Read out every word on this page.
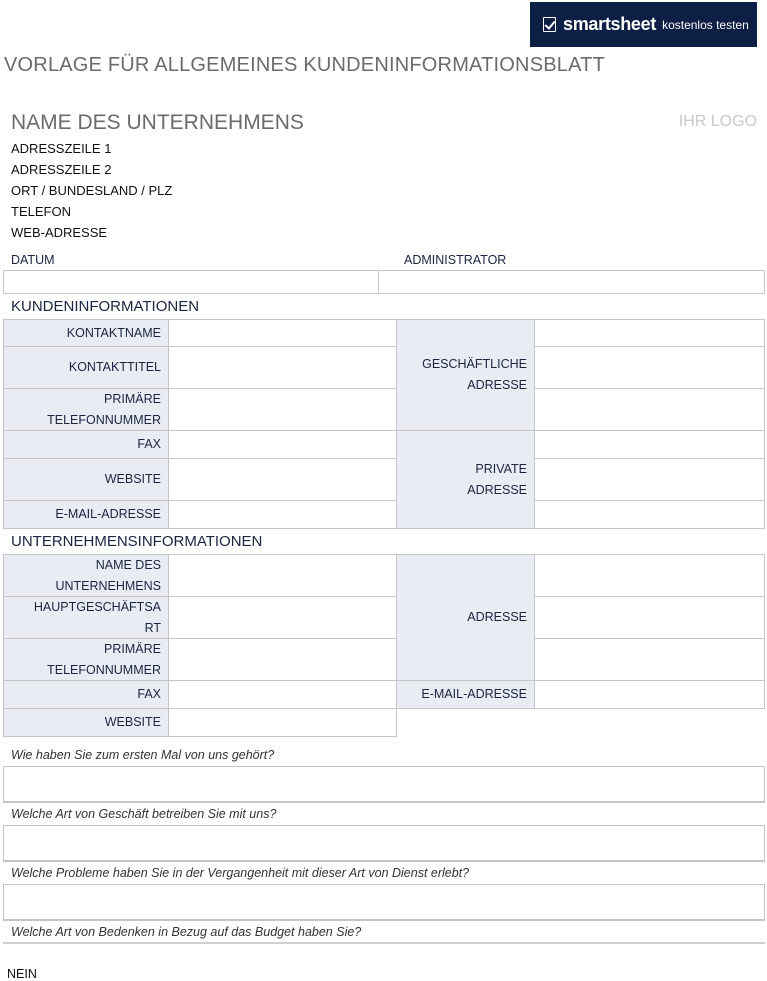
smartsheet kostenlos testen
VORLAGE FÜR ALLGEMEINES KUNDENINFORMATIONSBLATT
NAME DES UNTERNEHMENS	IHR LOGO
ADRESSZEILE 1
ADRESSZEILE 2
ORT / BUNDESLAND / PLZ
TELEFON
WEB-ADRESSE
DATUM	ADMINISTRATOR
KUNDENINFORMATIONEN
KONTAKTNAME
KONTAKTTITEL
PRIMÄRE
TELEFONNUMMER
FAX
WEBSITE
E-MAIL-ADRESSE
GESCHÄFTLICHE
ADRESSE
PRIVATE
ADRESSE
UNTERNEHMENSINFORMATIONEN
NAME DES
UNTERNEHMENS
HAUPTGESCHÄFTSA
RT
PRIMÄRE
TELEFONNUMMER
FAX
WEBSITE
ADRESSE
E-MAIL-ADRESSE
Wie haben Sie zum ersten Mal von uns gehört?
Welche Art von Geschäft betreiben Sie mit uns?
Welche Probleme haben Sie in der Vergangenheit mit dieser Art von Dienst erlebt?
Welche Art von Bedenken in Bezug auf das Budget haben Sie?
NEIN
